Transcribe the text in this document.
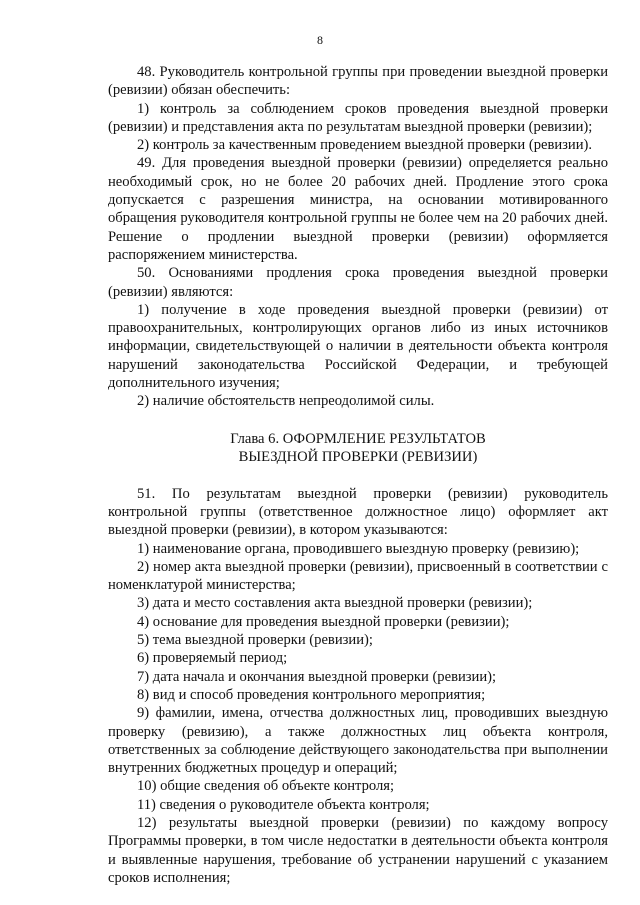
8

48. Руководитель контрольной группы при проведении выездной проверки (ревизии) обязан обеспечить:

1) контроль за соблюдением сроков проведения выездной проверки (ревизии) и представления акта по результатам выездной проверки (ревизии);

2) контроль за качественным проведением выездной проверки (ревизии).

49. Для проведения выездной проверки (ревизии) определяется реально необходимый срок, но не более 20 рабочих дней. Продление этого срока допускается с разрешения министра, на основании мотивированного обращения руководителя контрольной группы не более чем на 20 рабочих дней. Решение о продлении выездной проверки (ревизии) оформляется распоряжением министерства.

50. Основаниями продления срока проведения выездной проверки (ревизии) являются:

1) получение в ходе проведения выездной проверки (ревизии) от правоохранительных, контролирующих органов либо из иных источников информации, свидетельствующей о наличии в деятельности объекта контроля нарушений законодательства Российской Федерации, и требующей дополнительного изучения;

2) наличие обстоятельств непреодолимой силы.

Глава 6. ОФОРМЛЕНИЕ РЕЗУЛЬТАТОВ
ВЫЕЗДНОЙ ПРОВЕРКИ (РЕВИЗИИ)

51. По результатам выездной проверки (ревизии) руководитель контрольной группы (ответственное должностное лицо) оформляет акт выездной проверки (ревизии), в котором указываются:

1) наименование органа, проводившего выездную проверку (ревизию);

2) номер акта выездной проверки (ревизии), присвоенный в соответствии с номенклатурой министерства;

3) дата и место составления акта выездной проверки (ревизии);

4) основание для проведения выездной проверки (ревизии);

5) тема выездной проверки (ревизии);

6) проверяемый период;

7) дата начала и окончания выездной проверки (ревизии);

8) вид и способ проведения контрольного мероприятия;

9) фамилии, имена, отчества должностных лиц, проводивших выездную проверку (ревизию), а также должностных лиц объекта контроля, ответственных за соблюдение действующего законодательства при выполнении внутренних бюджетных процедур и операций;

10) общие сведения об объекте контроля;

11) сведения о руководителе объекта контроля;

12) результаты выездной проверки (ревизии) по каждому вопросу Программы проверки, в том числе недостатки в деятельности объекта контроля и выявленные нарушения, требование об устранении нарушений с указанием сроков исполнения;
